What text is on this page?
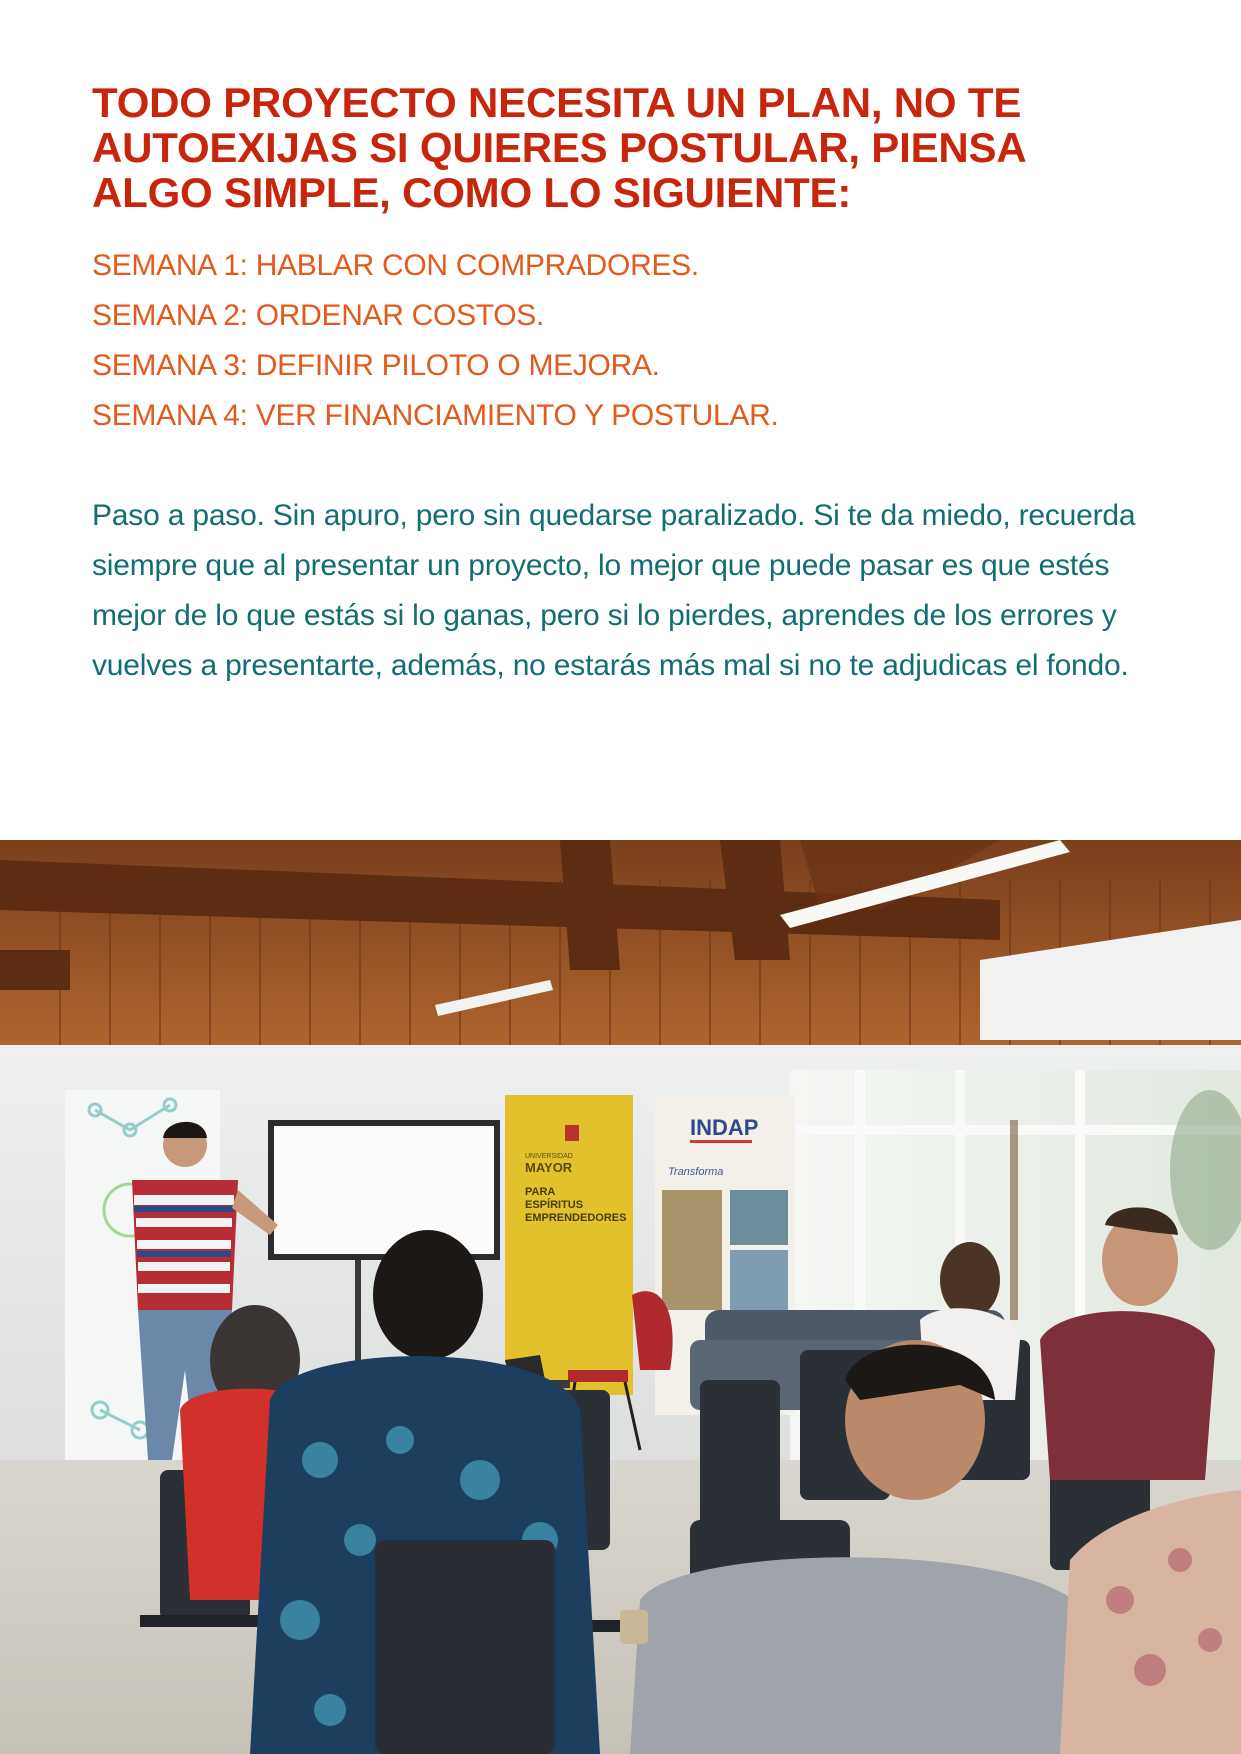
TODO PROYECTO NECESITA UN PLAN, NO TE AUTOEXIJAS SI QUIERES POSTULAR, PIENSA ALGO SIMPLE, COMO LO SIGUIENTE:
SEMANA 1: HABLAR CON COMPRADORES.
SEMANA 2: ORDENAR COSTOS.
SEMANA 3: DEFINIR PILOTO O MEJORA.
SEMANA 4: VER FINANCIAMIENTO Y POSTULAR.

Paso a paso. Sin apuro, pero sin quedarse paralizado. Si te da miedo, recuerda siempre que al presentar un proyecto, lo mejor que puede pasar es que estés mejor de lo que estás si lo ganas, pero si lo pierdes, aprendes de los errores y vuelves a presentarte, además, no estarás más mal si no te adjudicas el fondo.

UNIVERSIDAD
MAYOR
PARA
ESPÍRITUS
EMPRENDEDORES
INDAP
Transforma
